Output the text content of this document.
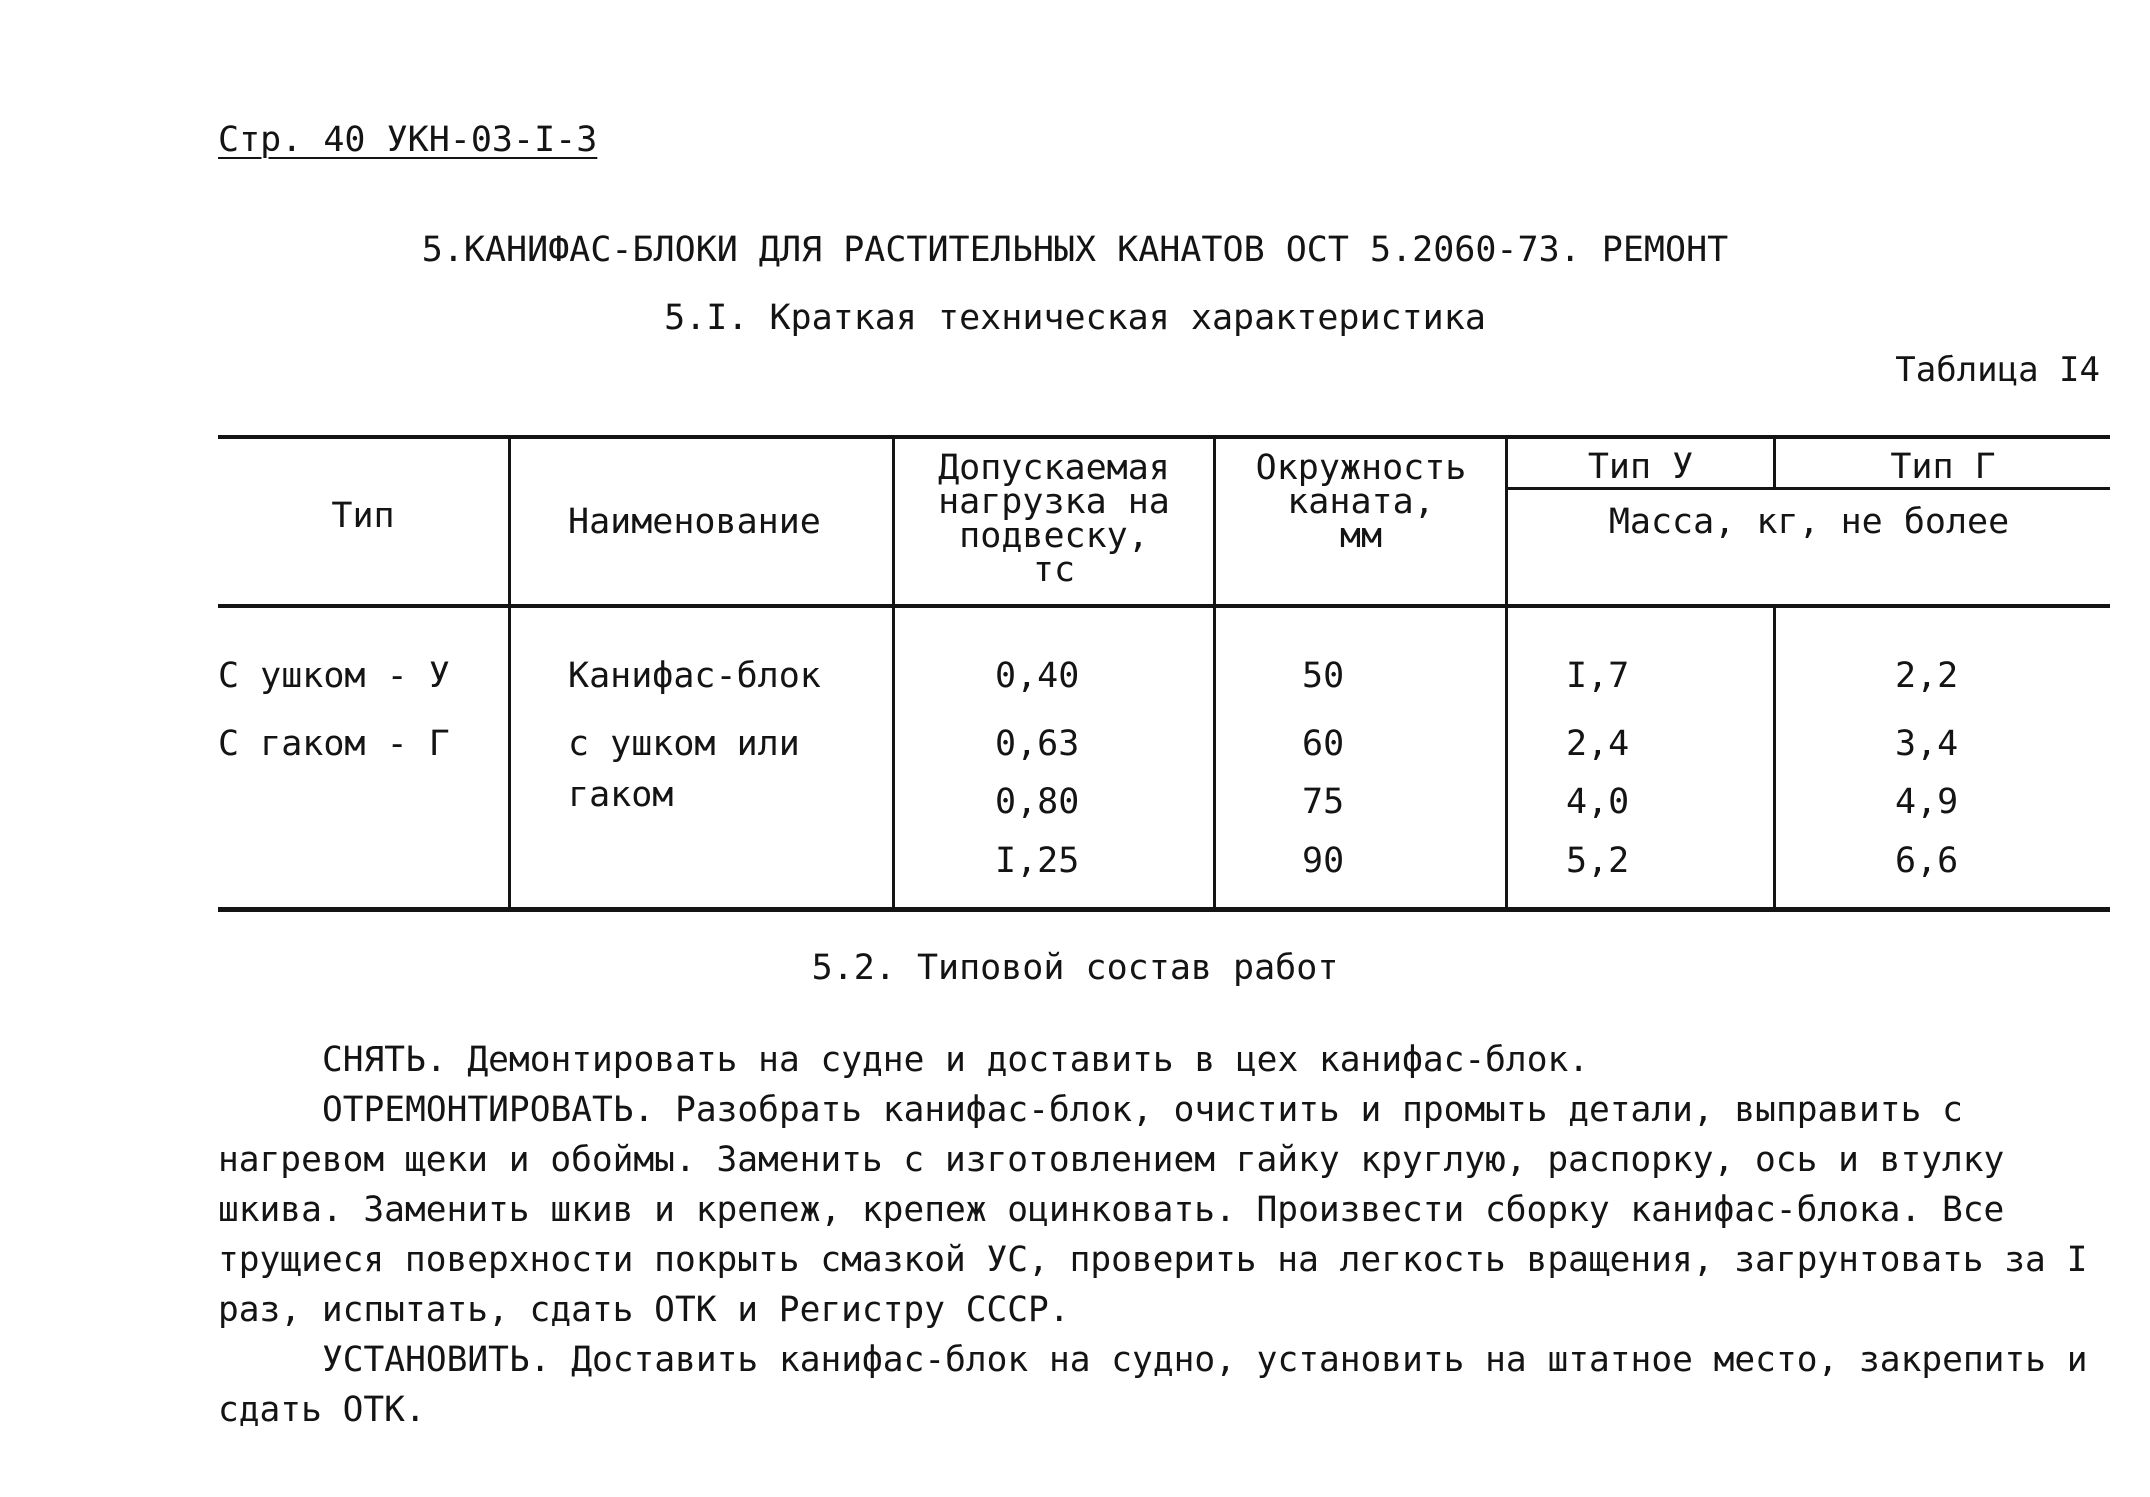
Стр. 40 УКН-03-I-3
5.КАНИФАС-БЛОКИ ДЛЯ РАСТИТЕЛЬНЫХ КАНАТОВ ОСТ 5.2060-73. РЕМОНТ
5.I. Краткая техническая характеристика
Таблица I4
Тип	Наименование
Допускаемая
нагрузка на
подвеску,
тс
Окружность
каната,
мм
Тип У	Тип Г
Масса, кг, не более
С ушком - У
С гаком - Г
Канифас-блок
с ушком или
гаком
0,40
0,63
0,80
I,25
50
60
75
90
I,7
2,4
4,0
5,2
2,2
3,4
4,9
6,6
5.2. Типовой состав работ

СНЯТЬ. Демонтировать на судне и доставить в цех канифас-блок.

ОТРЕМОНТИРОВАТЬ. Разобрать канифас-блок, очистить и промыть детали, выправить с нагревом щеки и обоймы. Заменить с изготовлением гайку круглую, распорку, ось и втулку шкива. Заменить шкив и крепеж, крепеж оцинковать. Произвести сборку канифас-блока. Все трущиеся поверхности покрыть смазкой УС, проверить на легкость вращения, загрунтовать за I раз, испытать, сдать ОТК и Регистру СССР.

УСТАНОВИТЬ. Доставить канифас-блок на судно, установить на штатное место, закрепить и сдать ОТК.
